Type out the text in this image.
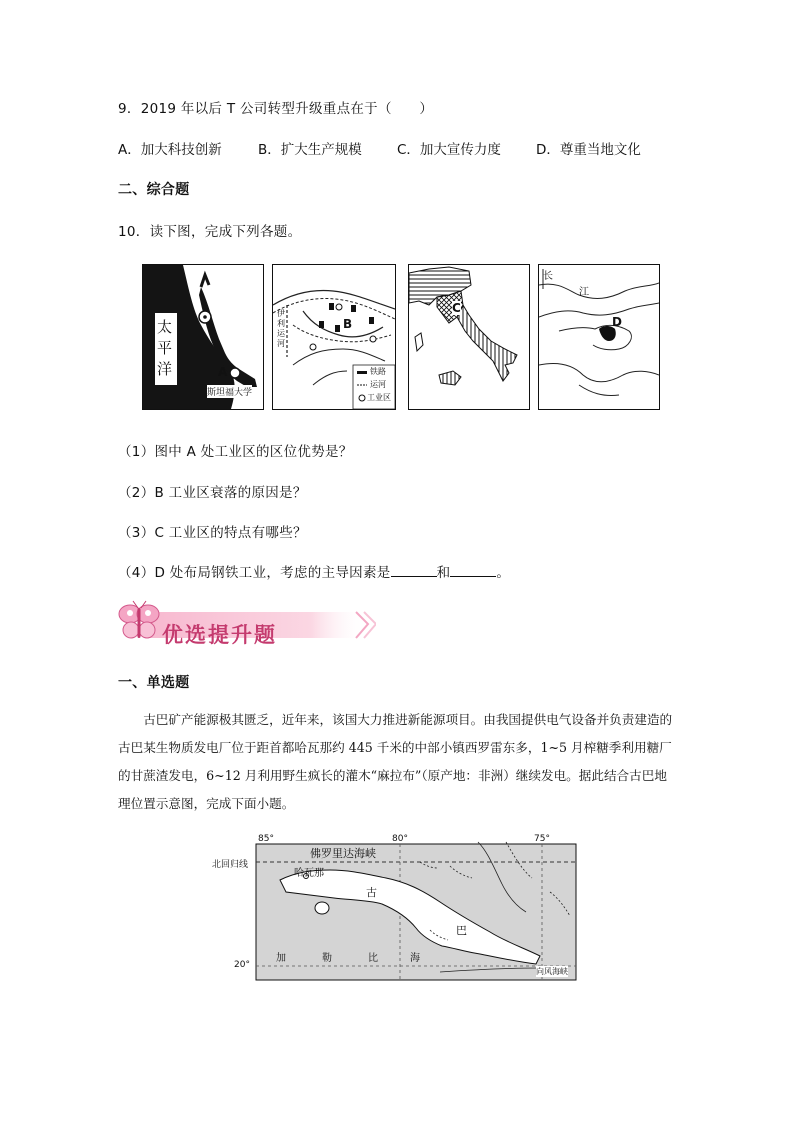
9．2019 年以后 T 公司转型升级重点在于（　　）
A．加大科技创新	B．扩大生产规模	C．加大宣传力度	D．尊重当地文化
二、综合题
10．读下图，完成下列各题。
太平洋	A
斯坦福大学
B
伊利运河
铁路
运河
工业区
C
长
江
D
（1）图中 A 处工业区的区位优势是？
（2）B 工业区衰落的原因是？
（3）C 工业区的特点有哪些？
（4）D 处布局钢铁工业，考虑的主导因素是	和	。
优选提升题
一、单选题
古巴矿产能源极其匮乏，近年来，该国大力推进新能源项目。由我国提供电气设备并负责建造的古巴某生物质发电厂位于距首都哈瓦那约 445 千米的中部小镇西罗雷东多，1~5 月榨糖季利用糖厂的甘蔗渣发电，6~12 月利用野生疯长的灌木“麻拉布”（原产地：非洲）继续发电。据此结合古巴地理位置示意图，完成下面小题。
85°	80°	75°
北回归线
20°
佛罗里达海峡
哈瓦那
古
巴
加	勒	比	海
向风海峡
